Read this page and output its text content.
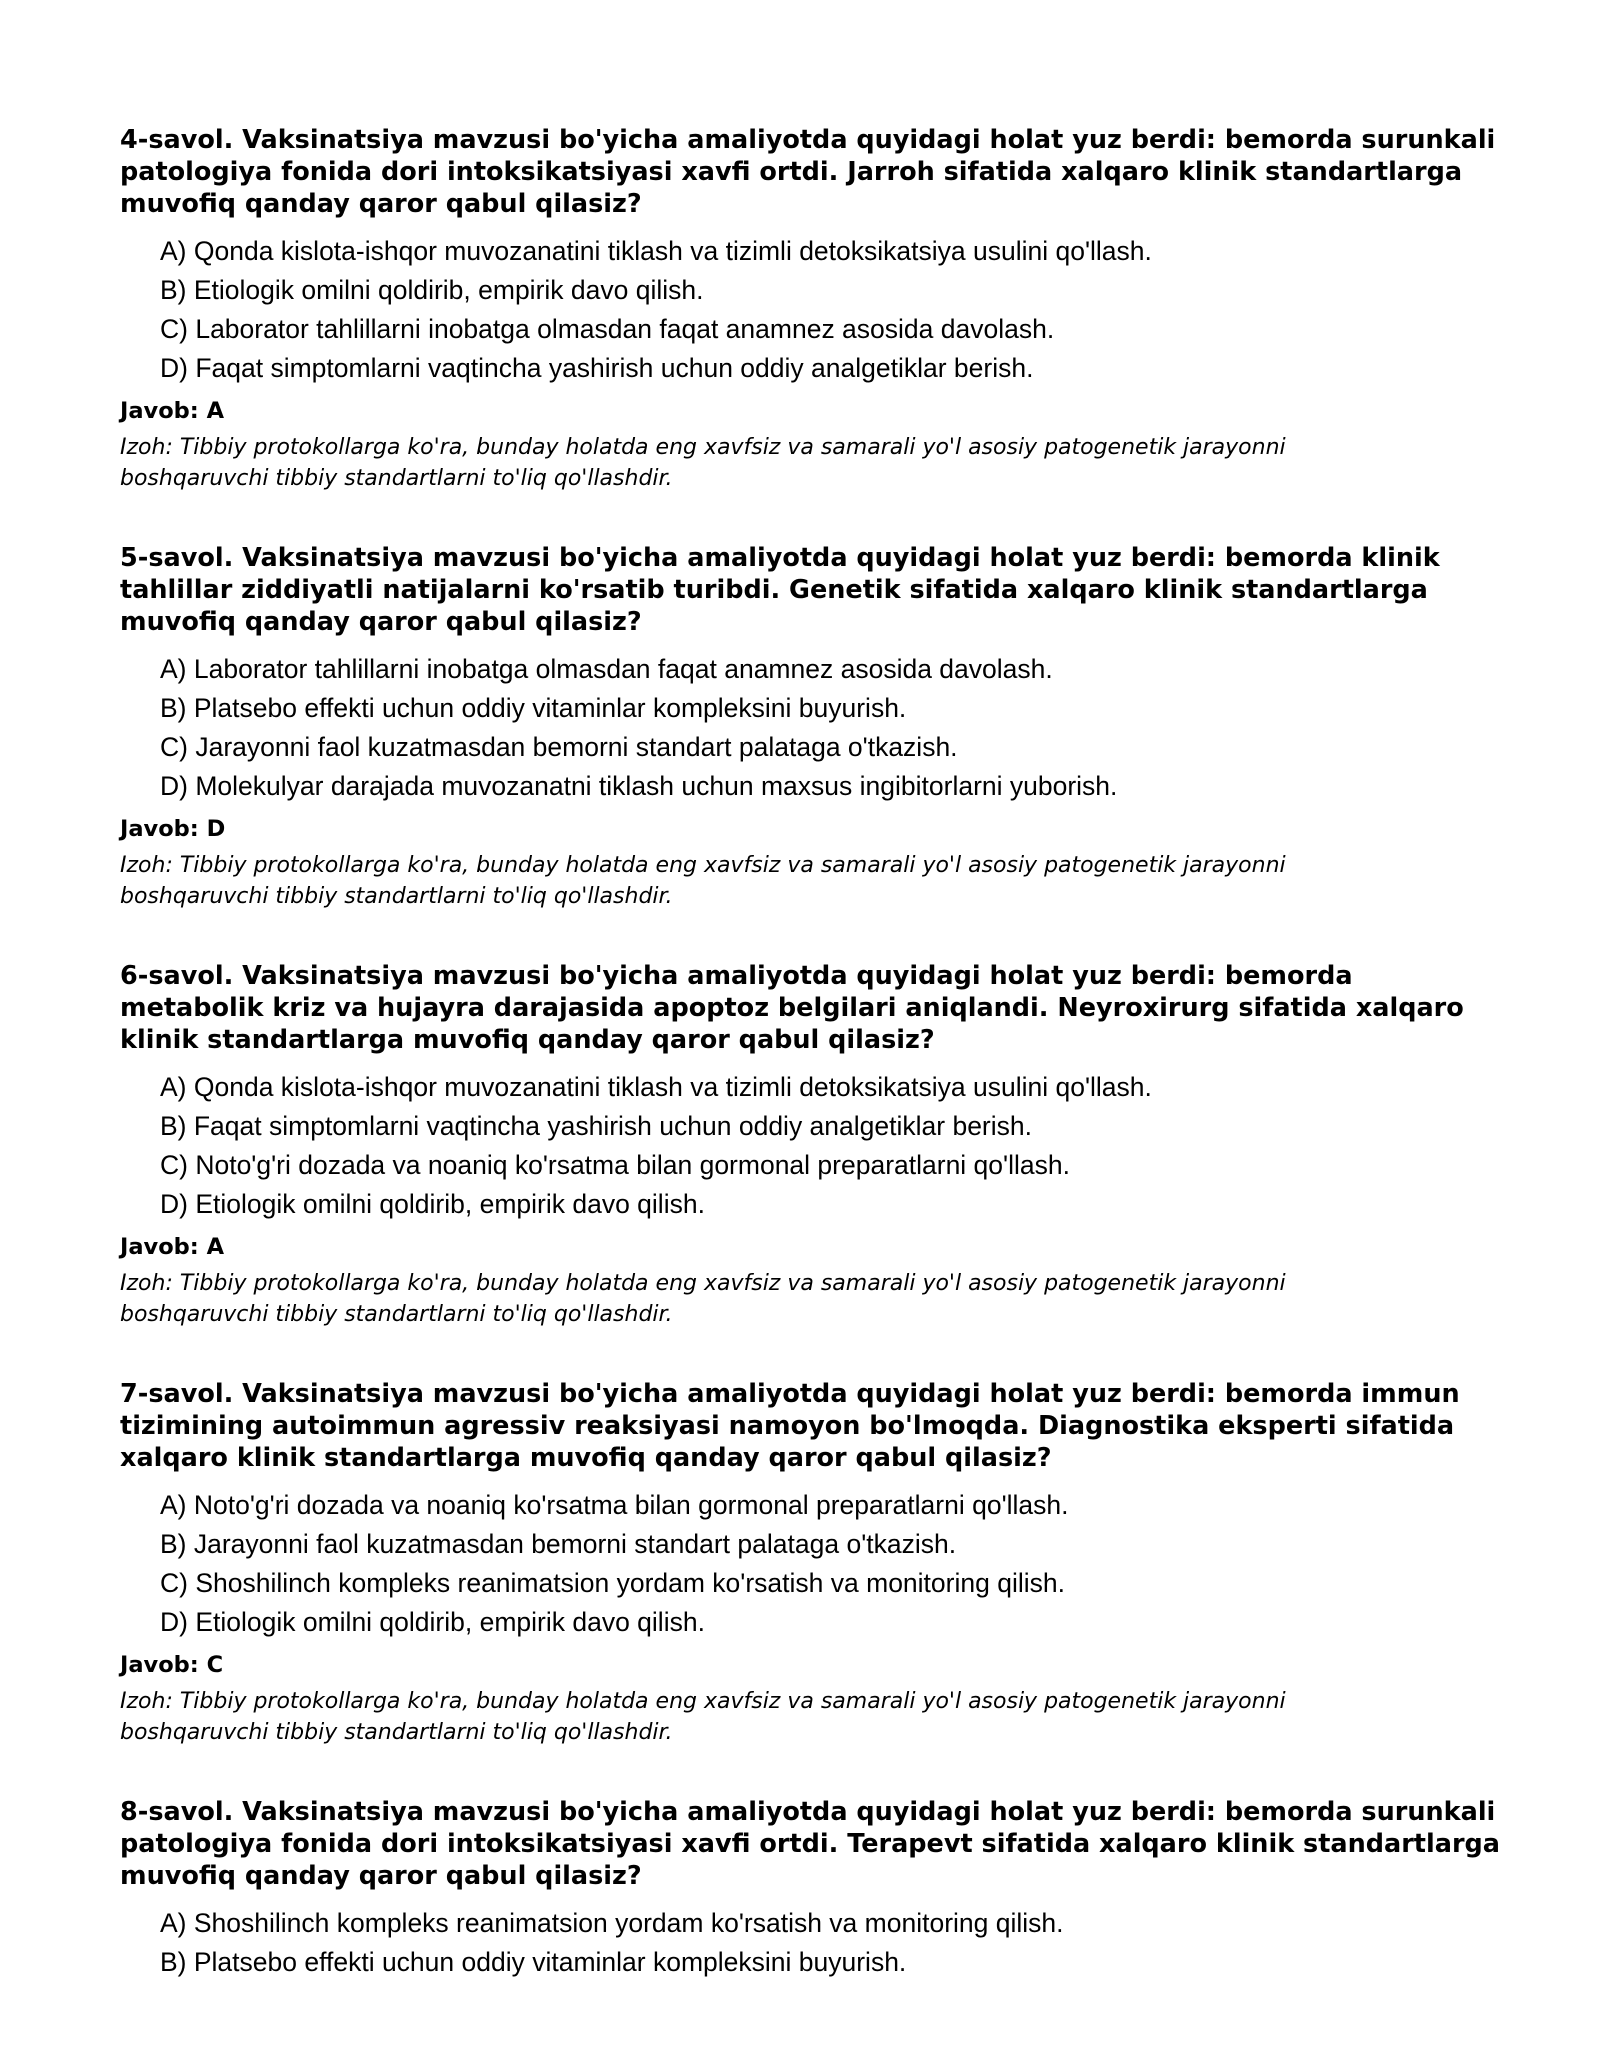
4-savol. Vaksinatsiya mavzusi bo'yicha amaliyotda quyidagi holat yuz berdi: bemorda surunkali patologiya fonida dori intoksikatsiyasi xavfi ortdi. Jarroh sifatida xalqaro klinik standartlarga muvofiq qanday qaror qabul qilasiz?

A) Qonda kislota-ishqor muvozanatini tiklash va tizimli detoksikatsiya usulini qo'llash.
B) Etiologik omilni qoldirib, empirik davo qilish.
C) Laborator tahlillarni inobatga olmasdan faqat anamnez asosida davolash.
D) Faqat simptomlarni vaqtincha yashirish uchun oddiy analgetiklar berish.

Javob: A

Izoh: Tibbiy protokollarga ko'ra, bunday holatda eng xavfsiz va samarali yo'l asosiy patogenetik jarayonni boshqaruvchi tibbiy standartlarni to'liq qo'llashdir.

5-savol. Vaksinatsiya mavzusi bo'yicha amaliyotda quyidagi holat yuz berdi: bemorda klinik tahlillar ziddiyatli natijalarni ko'rsatib turibdi. Genetik sifatida xalqaro klinik standartlarga muvofiq qanday qaror qabul qilasiz?

A) Laborator tahlillarni inobatga olmasdan faqat anamnez asosida davolash.
B) Platsebo effekti uchun oddiy vitaminlar kompleksini buyurish.
C) Jarayonni faol kuzatmasdan bemorni standart palataga o'tkazish.
D) Molekulyar darajada muvozanatni tiklash uchun maxsus ingibitorlarni yuborish.

Javob: D

Izoh: Tibbiy protokollarga ko'ra, bunday holatda eng xavfsiz va samarali yo'l asosiy patogenetik jarayonni boshqaruvchi tibbiy standartlarni to'liq qo'llashdir.

6-savol. Vaksinatsiya mavzusi bo'yicha amaliyotda quyidagi holat yuz berdi: bemorda metabolik kriz va hujayra darajasida apoptoz belgilari aniqlandi. Neyroxirurg sifatida xalqaro klinik standartlarga muvofiq qanday qaror qabul qilasiz?

A) Qonda kislota-ishqor muvozanatini tiklash va tizimli detoksikatsiya usulini qo'llash.
B) Faqat simptomlarni vaqtincha yashirish uchun oddiy analgetiklar berish.
C) Noto'g'ri dozada va noaniq ko'rsatma bilan gormonal preparatlarni qo'llash.
D) Etiologik omilni qoldirib, empirik davo qilish.

Javob: A

Izoh: Tibbiy protokollarga ko'ra, bunday holatda eng xavfsiz va samarali yo'l asosiy patogenetik jarayonni boshqaruvchi tibbiy standartlarni to'liq qo'llashdir.

7-savol. Vaksinatsiya mavzusi bo'yicha amaliyotda quyidagi holat yuz berdi: bemorda immun tizimining autoimmun agressiv reaksiyasi namoyon bo'lmoqda. Diagnostika eksperti sifatida xalqaro klinik standartlarga muvofiq qanday qaror qabul qilasiz?

A) Noto'g'ri dozada va noaniq ko'rsatma bilan gormonal preparatlarni qo'llash.
B) Jarayonni faol kuzatmasdan bemorni standart palataga o'tkazish.
C) Shoshilinch kompleks reanimatsion yordam ko'rsatish va monitoring qilish.
D) Etiologik omilni qoldirib, empirik davo qilish.

Javob: C

Izoh: Tibbiy protokollarga ko'ra, bunday holatda eng xavfsiz va samarali yo'l asosiy patogenetik jarayonni boshqaruvchi tibbiy standartlarni to'liq qo'llashdir.

8-savol. Vaksinatsiya mavzusi bo'yicha amaliyotda quyidagi holat yuz berdi: bemorda surunkali patologiya fonida dori intoksikatsiyasi xavfi ortdi. Terapevt sifatida xalqaro klinik standartlarga muvofiq qanday qaror qabul qilasiz?

A) Shoshilinch kompleks reanimatsion yordam ko'rsatish va monitoring qilish.
B) Platsebo effekti uchun oddiy vitaminlar kompleksini buyurish.
